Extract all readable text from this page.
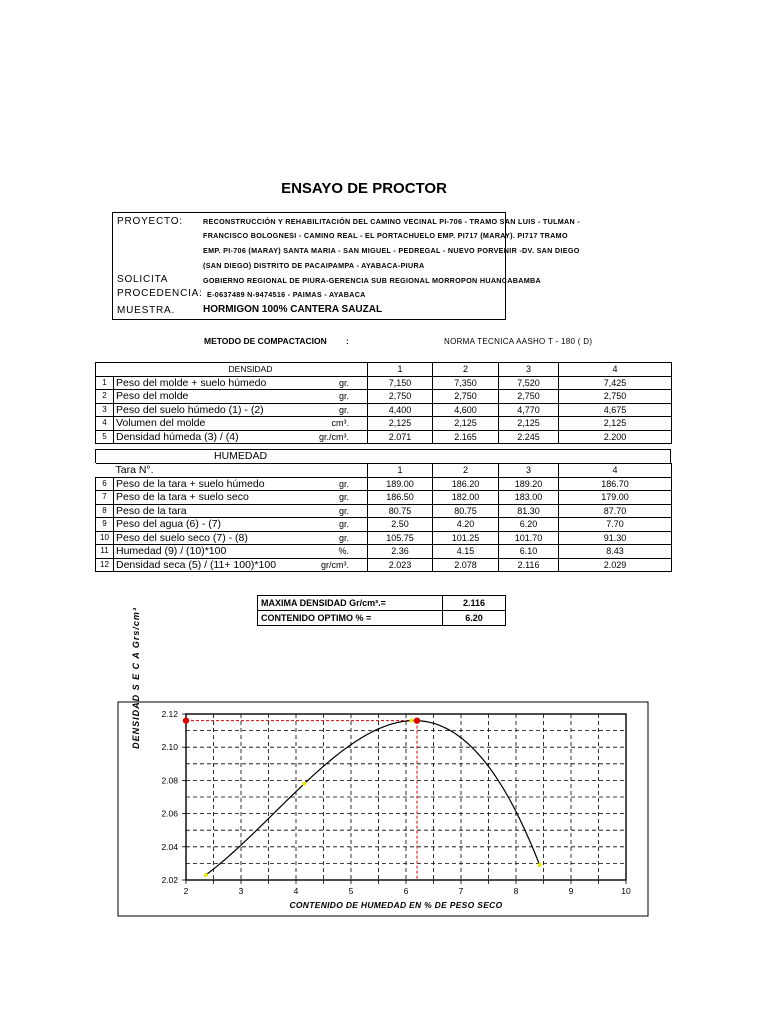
ENSAYO DE PROCTOR
PROYECTO:	RECONSTRUCCIÓN Y REHABILITACIÓN DEL CAMINO VECINAL PI-706 - TRAMO SAN LUIS - TULMAN -
FRANCISCO BOLOGNESI - CAMINO REAL - EL PORTACHUELO EMP. PI717 (MARAY). PI717 TRAMO
EMP. PI-706 (MARAY) SANTA MARIA - SAN MIGUEL - PEDREGAL - NUEVO PORVENIR -DV. SAN DIEGO
(SAN DIEGO) DISTRITO DE PACAIPAMPA - AYABACA-PIURA
SOLICITA	GOBIERNO REGIONAL DE PIURA-GERENCIA SUB REGIONAL MORROPON HUANCABAMBA
PROCEDENCIA: E-0637489 N-9474516 - PAIMAS - AYABACA
MUESTRA.	HORMIGON 100% CANTERA SAUZAL
METODO DE COMPACTACION :	NORMA TECNICA AASHO T - 180 ( D)
DENSIDAD			1	2	3	4
1	Peso del molde + suelo húmedo	gr.	7,150	7,350	7,520	7,425
2	Peso del molde	gr.	2,750	2,750	2,750	2,750
3	Peso del suelo húmedo (1) - (2)	gr.	4,400	4,600	4,770	4,675
4	Volumen del molde	cm³.	2,125	2,125	2,125	2,125
5	Densidad húmeda (3) / (4)	gr./cm³.	2.071	2.165	2.245	2.200
HUMEDAD
Tara N°.			1	2	3	4
6	Peso de la tara + suelo húmedo	gr.	189.00	186.20	189.20	186.70
7	Peso de la tara + suelo seco	gr.	186.50	182.00	183.00	179.00
8	Peso de la tara	gr.	80.75	80.75	81.30	87.70
9	Peso del agua (6) - (7)	gr.	2.50	4.20	6.20	7.70
10	Peso del suelo seco (7) - (8)	gr.	105.75	101.25	101.70	91.30
11	Humedad (9) / (10)*100	%.	2.36	4.15	6.10	8.43
12	Densidad seca (5) / (11+ 100)*100	gr/cm³.	2.023	2.078	2.116	2.029
MAXIMA DENSIDAD Gr/cm³.=	2.116
CONTENIDO OPTIMO % =	6.20
DENSIDAD S E C A Grs/cm³
2	3	4	5	6	7	8	9	10
2.02
2.04
2.06
2.08
2.10
2.12
CONTENIDO DE HUMEDAD EN % DE PESO SECO
